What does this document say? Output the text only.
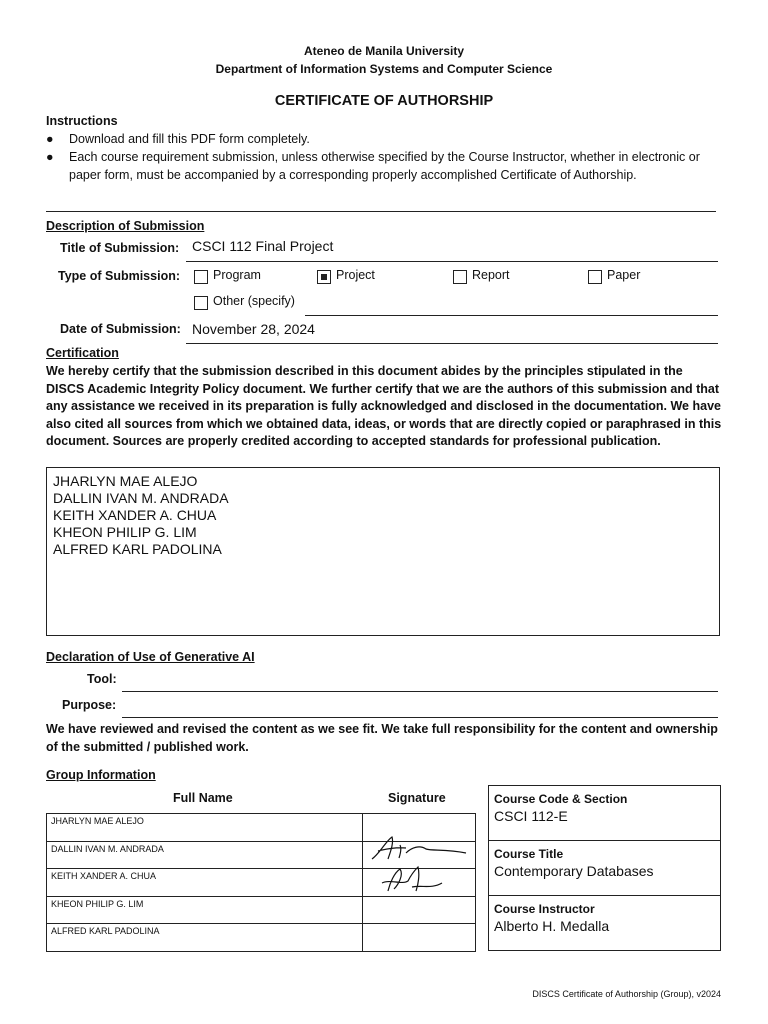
Ateneo de Manila University
Department of Information Systems and Computer Science
CERTIFICATE OF AUTHORSHIP
Instructions
● Download and fill this PDF form completely.
● Each course requirement submission, unless otherwise specified by the Course Instructor, whether in electronic or paper form, must be accompanied by a corresponding properly accomplished Certificate of Authorship.
Description of Submission
Title of Submission: CSCI 112 Final Project
Type of Submission:	Program	Project	Report	Paper
Other (specify)
Date of Submission: November 28, 2024
Certification
We hereby certify that the submission described in this document abides by the principles stipulated in the DISCS Academic Integrity Policy document. We further certify that we are the authors of this submission and that any assistance we received in its preparation is fully acknowledged and disclosed in the documentation. We have also cited all sources from which we obtained data, ideas, or words that are directly copied or paraphrased in this document. Sources are properly credited according to accepted standards for professional publication.
JHARLYN MAE ALEJO
DALLIN IVAN M. ANDRADA
KEITH XANDER A. CHUA
KHEON PHILIP G. LIM
ALFRED KARL PADOLINA
Declaration of Use of Generative AI
Tool:
Purpose:
We have reviewed and revised the content as we see fit. We take full responsibility for the content and ownership of the submitted / published work.
Group Information
Full Name	Signature
JHARLYN MAE ALEJO	
DALLIN IVAN M. ANDRADA	
KEITH XANDER A. CHUA	
KHEON PHILIP G. LIM	
ALFRED KARL PADOLINA	
Course Code & Section
CSCI 112-E
Course Title
Contemporary Databases
Course Instructor
Alberto H. Medalla
DISCS Certificate of Authorship (Group), v2024
